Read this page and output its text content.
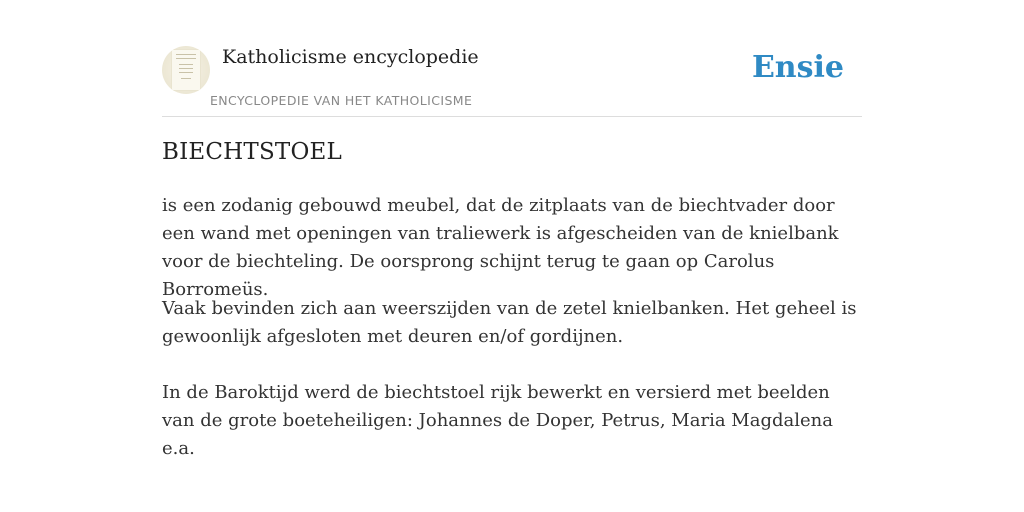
Katholicisme encyclopedie
ENCYCLOPEDIE VAN HET KATHOLICISME
Ensie
BIECHTSTOEL

is een zodanig gebouwd meubel, dat de zitplaats van de biechtvader door een wand met openingen van traliewerk is afgescheiden van de knielbank voor de biechteling. De oorsprong schijnt terug te gaan op Carolus Borromeüs.

Vaak bevinden zich aan weerszijden van de zetel knielbanken. Het geheel is gewoonlijk afgesloten met deuren en/of gordijnen.

In de Baroktijd werd de biechtstoel rijk bewerkt en versierd met beelden van de grote boeteheiligen: Johannes de Doper, Petrus, Maria Magdalena e.a.
